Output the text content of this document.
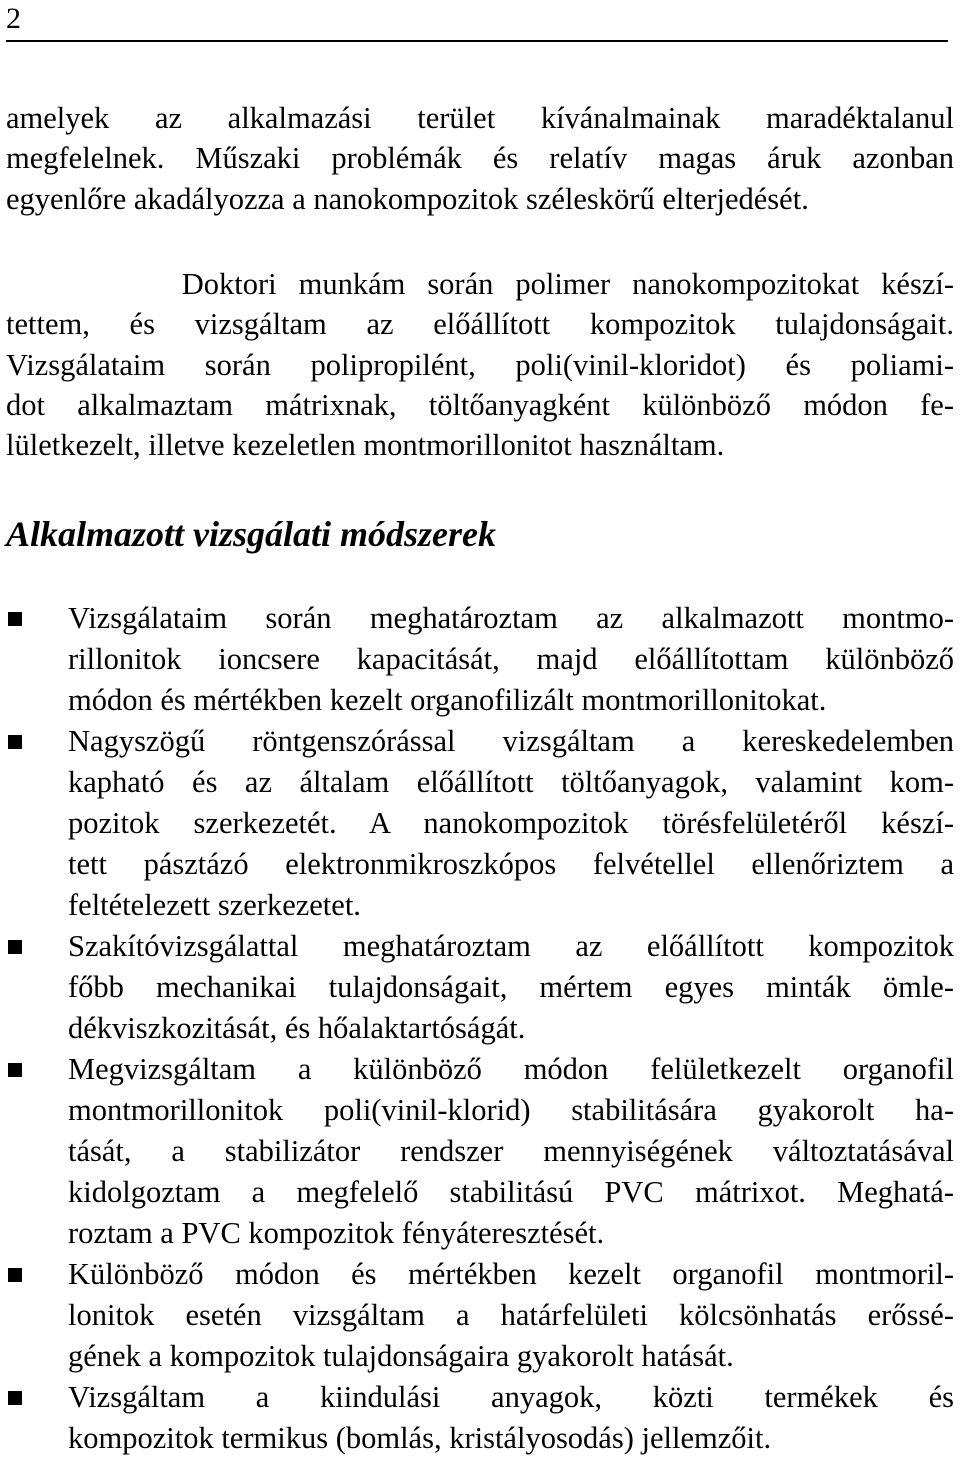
2
amelyek az alkalmazási terület kívánalmainak maradéktalanul
megfelelnek. Műszaki problémák és relatív magas áruk azonban
egyenlőre akadályozza a nanokompozitok széleskörű elterjedését.
Doktori munkám során polimer nanokompozitokat készí-
tettem, és vizsgáltam az előállított kompozitok tulajdonságait.
Vizsgálataim során polipropilént, poli(vinil-kloridot) és poliami-
dot alkalmaztam mátrixnak, töltőanyagként különböző módon fe-
lületkezelt, illetve kezeletlen montmorillonitot használtam.
Alkalmazott vizsgálati módszerek
Vizsgálataim során meghatároztam az alkalmazott montmo-
rillonitok ioncsere kapacitását, majd előállítottam különböző
módon és mértékben kezelt organofilizált montmorillonitokat.
Nagyszögű röntgenszórással vizsgáltam a kereskedelemben
kapható és az általam előállított töltőanyagok, valamint kom-
pozitok szerkezetét. A nanokompozitok törésfelületéről készí-
tett pásztázó elektronmikroszkópos felvétellel ellenőriztem a
feltételezett szerkezetet.
Szakítóvizsgálattal meghatároztam az előállított kompozitok
főbb mechanikai tulajdonságait, mértem egyes minták ömle-
dékviszkozitását, és hőalaktartóságát.
Megvizsgáltam a különböző módon felületkezelt organofil
montmorillonitok poli(vinil-klorid) stabilitására gyakorolt ha-
tását, a stabilizátor rendszer mennyiségének változtatásával
kidolgoztam a megfelelő stabilitású PVC mátrixot. Meghatá-
roztam a PVC kompozitok fényáteresztését.
Különböző módon és mértékben kezelt organofil montmoril-
lonitok esetén vizsgáltam a határfelületi kölcsönhatás erőssé-
gének a kompozitok tulajdonságaira gyakorolt hatását.
Vizsgáltam a kiindulási anyagok, közti termékek és
kompozitok termikus (bomlás, kristályosodás) jellemzőit.
